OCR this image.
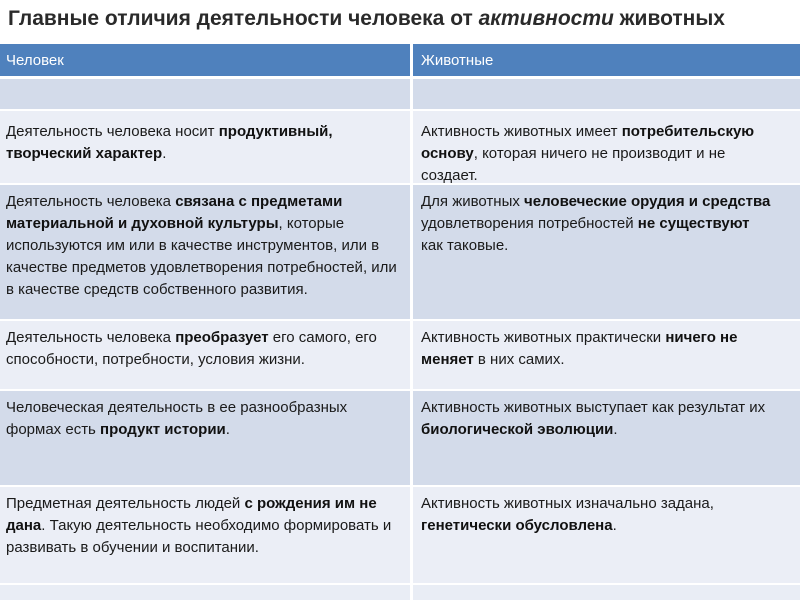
Главные отличия деятельности человека от активности животных
Человек	Животные
Деятельность человека носит продуктивный, творческий характер.
Активность животных имеет потребительскую
основу, которая ничего не производит и не
создает.
Деятельность человека связана с предметами материальной и духовной культуры, которые используются им или в качестве инструментов, или в качестве предметов удовлетворения потребностей, или в качестве средств собственного развития.
Для животных человеческие орудия и средства
удовлетворения потребностей не существуют
как таковые.
Деятельность человека преобразует его самого, его способности, потребности, условия жизни.
Активность животных практически ничего не
меняет в них самих.
Человеческая деятельность в ее разнообразных формах есть продукт истории.
Активность животных выступает как результат их
биологической эволюции.
Предметная деятельность людей с рождения им не дана. Такую деятельность необходимо формировать и развивать в обучении и воспитании.
Активность животных изначально задана,
генетически обусловлена.
